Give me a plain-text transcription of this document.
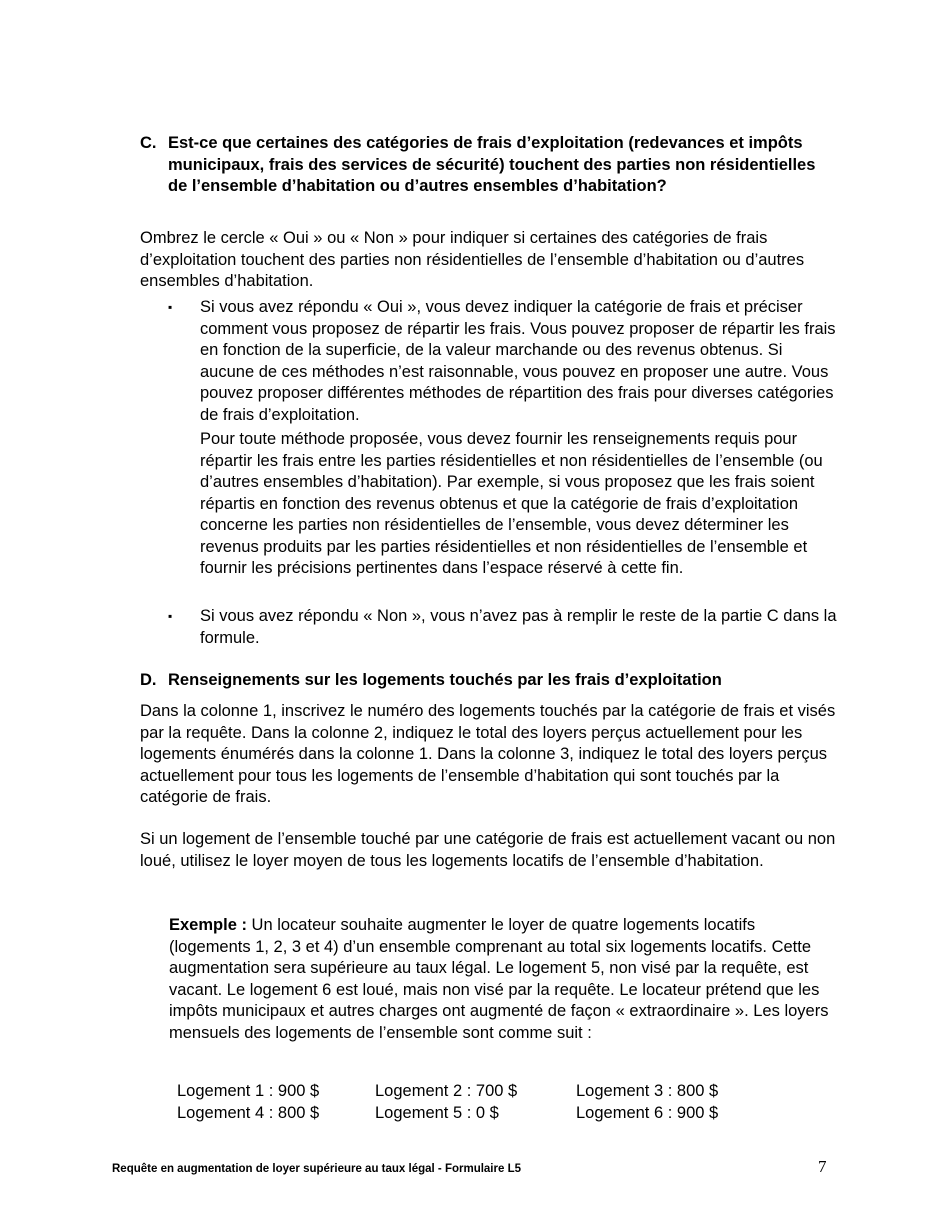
C. Est-ce que certaines des catégories de frais d’exploitation (redevances et impôts municipaux, frais des services de sécurité) touchent des parties non résidentielles de l’ensemble d’habitation ou d’autres ensembles d’habitation?

Ombrez le cercle « Oui » ou « Non » pour indiquer si certaines des catégories de frais d’exploitation touchent des parties non résidentielles de l’ensemble d’habitation ou d’autres ensembles d’habitation.

▪ Si vous avez répondu « Oui », vous devez indiquer la catégorie de frais et préciser comment vous proposez de répartir les frais. Vous pouvez proposer de répartir les frais en fonction de la superficie, de la valeur marchande ou des revenus obtenus. Si aucune de ces méthodes n’est raisonnable, vous pouvez en proposer une autre. Vous pouvez proposer différentes méthodes de répartition des frais pour diverses catégories de frais d’exploitation.
Pour toute méthode proposée, vous devez fournir les renseignements requis pour répartir les frais entre les parties résidentielles et non résidentielles de l’ensemble (ou d’autres ensembles d’habitation). Par exemple, si vous proposez que les frais soient répartis en fonction des revenus obtenus et que la catégorie de frais d’exploitation concerne les parties non résidentielles de l’ensemble, vous devez déterminer les revenus produits par les parties résidentielles et non résidentielles de l’ensemble et fournir les précisions pertinentes dans l’espace réservé à cette fin.
▪ Si vous avez répondu « Non », vous n’avez pas à remplir le reste de la partie C dans la formule.
D. Renseignements sur les logements touchés par les frais d’exploitation

Dans la colonne 1, inscrivez le numéro des logements touchés par la catégorie de frais et visés par la requête. Dans la colonne 2, indiquez le total des loyers perçus actuellement pour les logements énumérés dans la colonne 1. Dans la colonne 3, indiquez le total des loyers perçus actuellement pour tous les logements de l’ensemble d’habitation qui sont touchés par la catégorie de frais.

Si un logement de l’ensemble touché par une catégorie de frais est actuellement vacant ou non loué, utilisez le loyer moyen de tous les logements locatifs de l’ensemble d’habitation.

Exemple : Un locateur souhaite augmenter le loyer de quatre logements locatifs (logements 1, 2, 3 et 4) d’un ensemble comprenant au total six logements locatifs. Cette augmentation sera supérieure au taux légal. Le logement 5, non visé par la requête, est vacant. Le logement 6 est loué, mais non visé par la requête. Le locateur prétend que les impôts municipaux et autres charges ont augmenté de façon « extraordinaire ». Les loyers mensuels des logements de l’ensemble sont comme suit :
Logement 1 : 900 $	Logement 2 : 700 $	Logement 3 : 800 $
Logement 4 : 800 $	Logement 5 : 0 $	Logement 6 : 900 $
Requête en augmentation de loyer supérieure au taux légal - Formulaire L5	7
